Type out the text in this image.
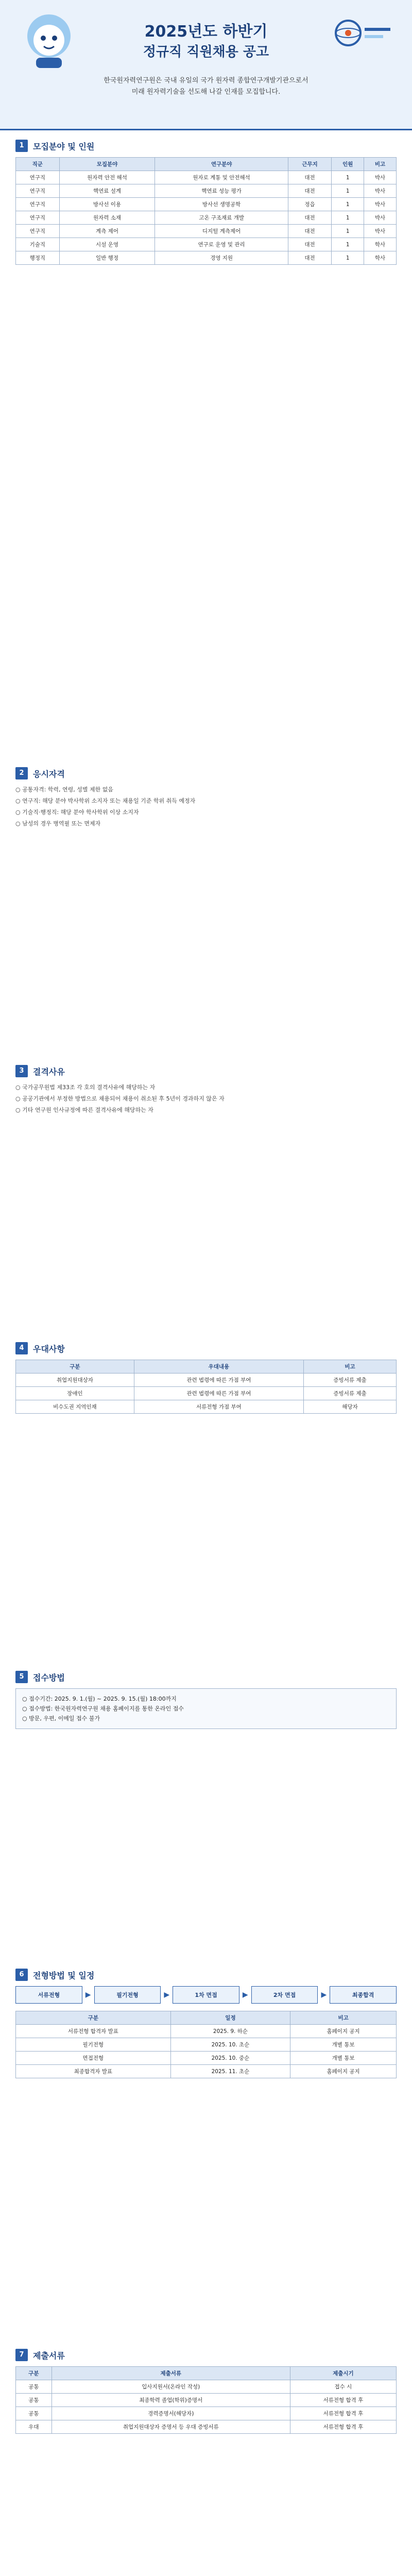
2025년도 하반기
정규직 직원채용 공고
한국원자력연구원은 국내 유일의 국가 원자력 종합연구개발기관으로서
미래 원자력기술을 선도해 나갈 인재를 모집합니다.
1	모집분야 및 인원
직군	모집분야	연구분야	근무지	인원	비고
연구직	원자력 안전 해석	원자로 계통 및 안전해석	대전	1	박사
연구직	핵연료 설계	핵연료 성능 평가	대전	1	박사
연구직	방사선 이용	방사선 생명공학	정읍	1	박사
연구직	원자력 소재	고온 구조재료 개발	대전	1	박사
연구직	계측 제어	디지털 계측제어	대전	1	박사
기술직	시설 운영	연구로 운영 및 관리	대전	1	학사
행정직	일반 행정	경영 지원	대전	1	학사
2	응시자격
○ 공통자격: 학력, 연령, 성별 제한 없음
○ 연구직: 해당 분야 박사학위 소지자 또는 채용일 기준 학위 취득 예정자
○ 기술직·행정직: 해당 분야 학사학위 이상 소지자
○ 남성의 경우 병역필 또는 면제자
3	결격사유
○ 국가공무원법 제33조 각 호의 결격사유에 해당하는 자
○ 공공기관에서 부정한 방법으로 채용되어 채용이 취소된 후 5년이 경과하지 않은 자
○ 기타 연구원 인사규정에 따른 결격사유에 해당하는 자
4	우대사항
구분	우대내용	비고
취업지원대상자	관련 법령에 따른 가점 부여	증빙서류 제출
장애인	관련 법령에 따른 가점 부여	증빙서류 제출
비수도권 지역인재	서류전형 가점 부여	해당자
5	접수방법
○ 접수기간: 2025. 9. 1.(월) ~ 2025. 9. 15.(월) 18:00까지
○ 접수방법: 한국원자력연구원 채용 홈페이지를 통한 온라인 접수
○ 방문, 우편, 이메일 접수 불가
6	전형방법 및 일정
서류전형	▶	필기전형	▶	1차 면접	▶	2차 면접	▶	최종합격
구분	일정	비고
서류전형 합격자 발표	2025. 9. 하순	홈페이지 공지
필기전형	2025. 10. 초순	개별 통보
면접전형	2025. 10. 중순	개별 통보
최종합격자 발표	2025. 11. 초순	홈페이지 공지
7	제출서류
구분	제출서류	제출시기
공통	입사지원서(온라인 작성)	접수 시
공통	최종학력 졸업(학위)증명서	서류전형 합격 후
공통	경력증명서(해당자)	서류전형 합격 후
우대	취업지원대상자 증명서 등 우대 증빙서류	서류전형 합격 후
